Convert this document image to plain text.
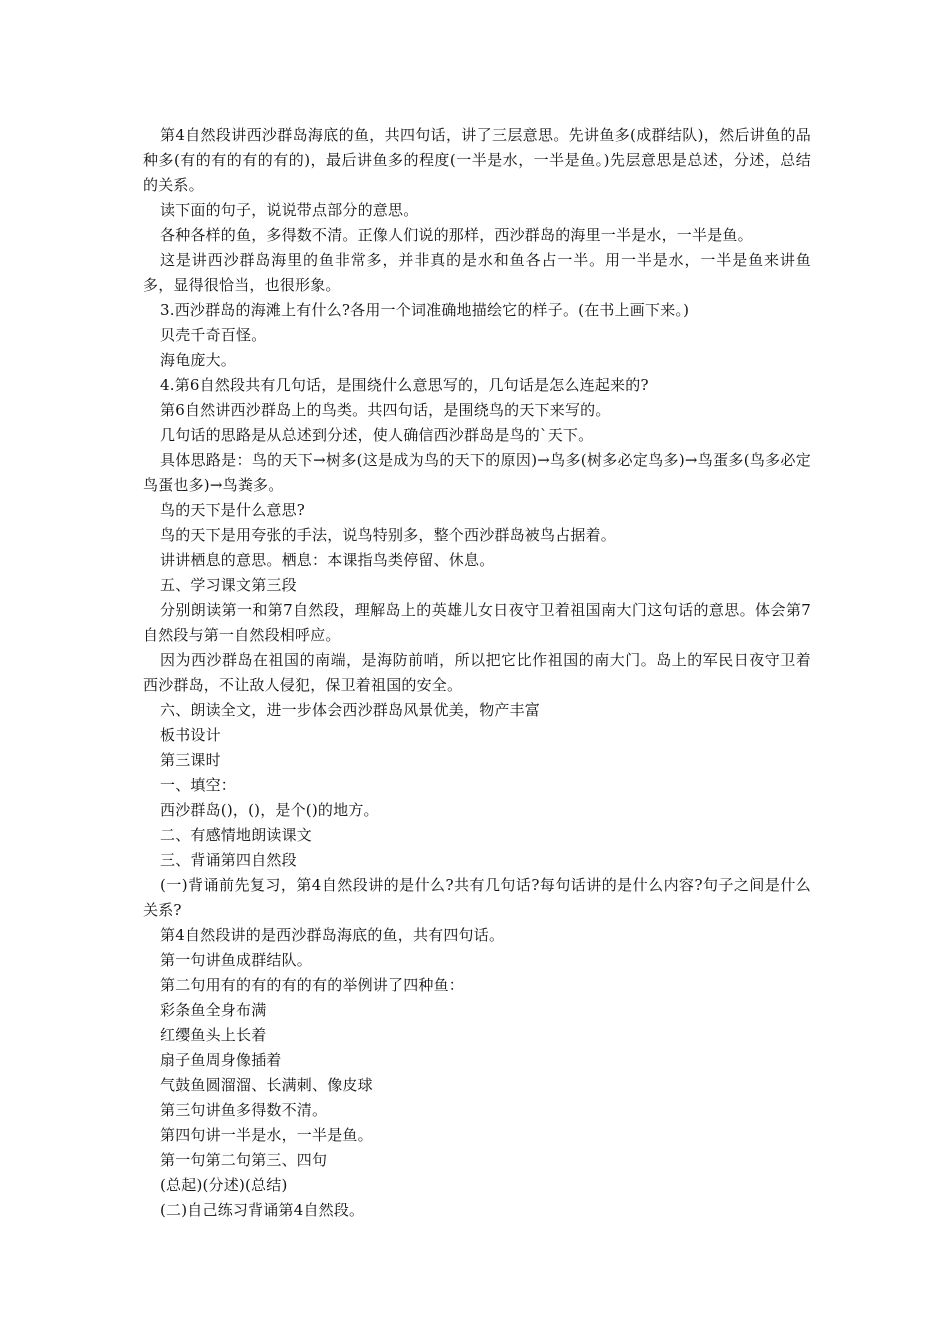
第4自然段讲西沙群岛海底的鱼，共四句话，讲了三层意思。先讲鱼多(成群结队)，然后讲鱼的品种多(有的有的有的有的)，最后讲鱼多的程度(一半是水，一半是鱼。)先层意思是总述，分述，总结的关系。

读下面的句子，说说带点部分的意思。

各种各样的鱼，多得数不清。正像人们说的那样，西沙群岛的海里一半是水，一半是鱼。

这是讲西沙群岛海里的鱼非常多，并非真的是水和鱼各占一半。用一半是水，一半是鱼来讲鱼多，显得很恰当，也很形象。

3.西沙群岛的海滩上有什么?各用一个词准确地描绘它的样子。(在书上画下来。)

贝壳千奇百怪。

海龟庞大。

4.第6自然段共有几句话，是围绕什么意思写的，几句话是怎么连起来的?

第6自然讲西沙群岛上的鸟类。共四句话，是围绕鸟的天下来写的。

几句话的思路是从总述到分述，使人确信西沙群岛是鸟的`天下。

具体思路是：鸟的天下→树多(这是成为鸟的天下的原因)→鸟多(树多必定鸟多)→鸟蛋多(鸟多必定鸟蛋也多)→鸟粪多。

鸟的天下是什么意思?

鸟的天下是用夸张的手法，说鸟特别多，整个西沙群岛被鸟占据着。

讲讲栖息的意思。栖息：本课指鸟类停留、休息。

五、学习课文第三段

分别朗读第一和第7自然段，理解岛上的英雄儿女日夜守卫着祖国南大门这句话的意思。体会第7自然段与第一自然段相呼应。

因为西沙群岛在祖国的南端，是海防前哨，所以把它比作祖国的南大门。岛上的军民日夜守卫着西沙群岛，不让敌人侵犯，保卫着祖国的安全。

六、朗读全文，进一步体会西沙群岛风景优美，物产丰富

板书设计

第三课时

一、填空：

西沙群岛()，()，是个()的地方。

二、有感情地朗读课文

三、背诵第四自然段

(一)背诵前先复习，第4自然段讲的是什么?共有几句话?每句话讲的是什么内容?句子之间是什么关系?

第4自然段讲的是西沙群岛海底的鱼，共有四句话。

第一句讲鱼成群结队。

第二句用有的有的有的有的举例讲了四种鱼：

彩条鱼全身布满

红缨鱼头上长着

扇子鱼周身像插着

气鼓鱼圆溜溜、长满刺、像皮球

第三句讲鱼多得数不清。

第四句讲一半是水，一半是鱼。

第一句第二句第三、四句

(总起)(分述)(总结)

(二)自己练习背诵第4自然段。
